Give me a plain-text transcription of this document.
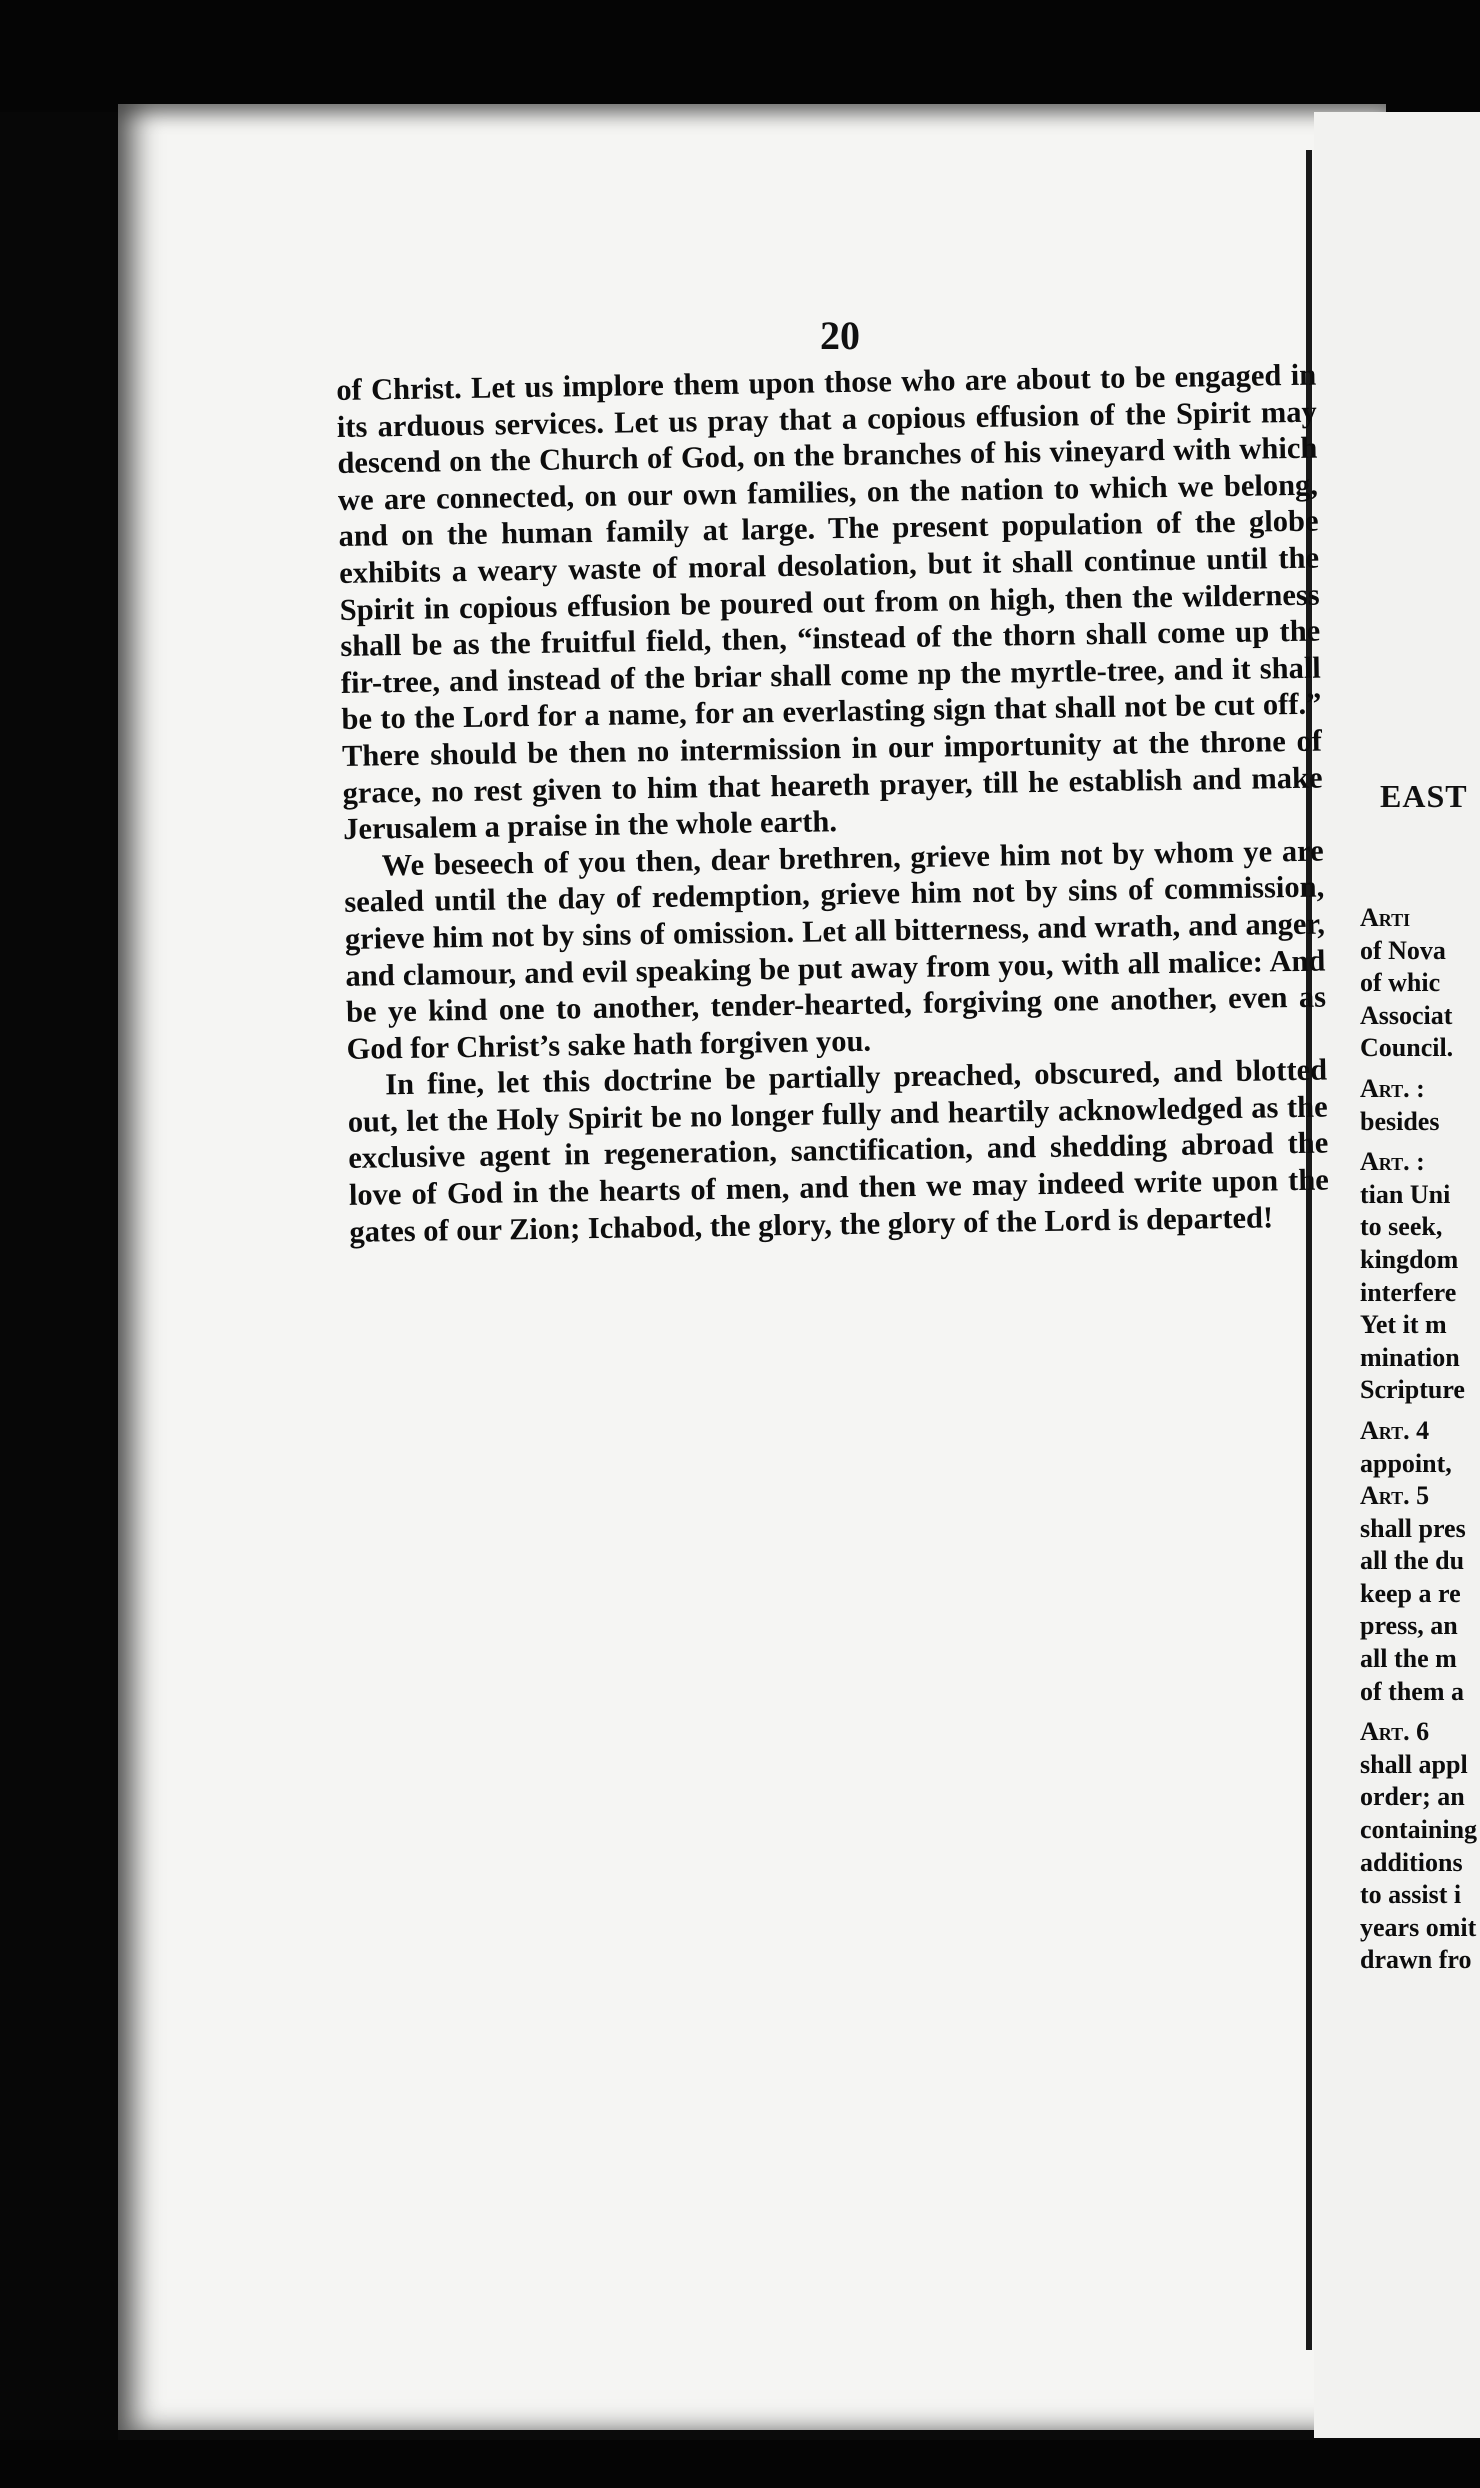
20

of Christ. Let us implore them upon those who are about to be engaged in its arduous services. Let us pray that a copious effusion of the Spirit may descend on the Church of God, on the branches of his vineyard with which we are connected, on our own families, on the nation to which we belong, and on the human family at large. The present population of the globe exhibits a weary waste of moral desolation, but it shall continue until the Spirit in copious effusion be poured out from on high, then the wilderness shall be as the fruitful field, then, “instead of the thorn shall come up the fir-tree, and instead of the briar shall come np the myrtle-tree, and it shall be to the Lord for a name, for an everlasting sign that shall not be cut off.” There should be then no intermission in our importunity at the throne of grace, no rest given to him that heareth prayer, till he establish and make Jerusalem a praise in the whole earth.

We beseech of you then, dear brethren, grieve him not by whom ye are sealed until the day of redemption, grieve him not by sins of commission, grieve him not by sins of omission. Let all bitterness, and wrath, and anger, and clamour, and evil speaking be put away from you, with all malice: And be ye kind one to another, tender-hearted, forgiving one another, even as God for Christ’s sake hath forgiven you.

In fine, let this doctrine be partially preached, obscured, and blotted out, let the Holy Spirit be no longer fully and heartily acknowledged as the exclusive agent in regeneration, sanctification, and shedding abroad the love of God in the hearts of men, and then we may indeed write upon the gates of our Zion; Ichabod, the glory, the glory of the Lord is departed!

EAST
Arti
of Nova
of whic
Associat
Council.
Art. :
besides
Art. :
tian Uni
to seek,
kingdom
interfere
Yet it m
mination
Scripture
Art. 4
appoint,
Art. 5
shall pres
all the du
keep a re
press, an
all the m
of them a
Art. 6
shall appl
order; an
containing
additions
to assist i
years omit
drawn fro
